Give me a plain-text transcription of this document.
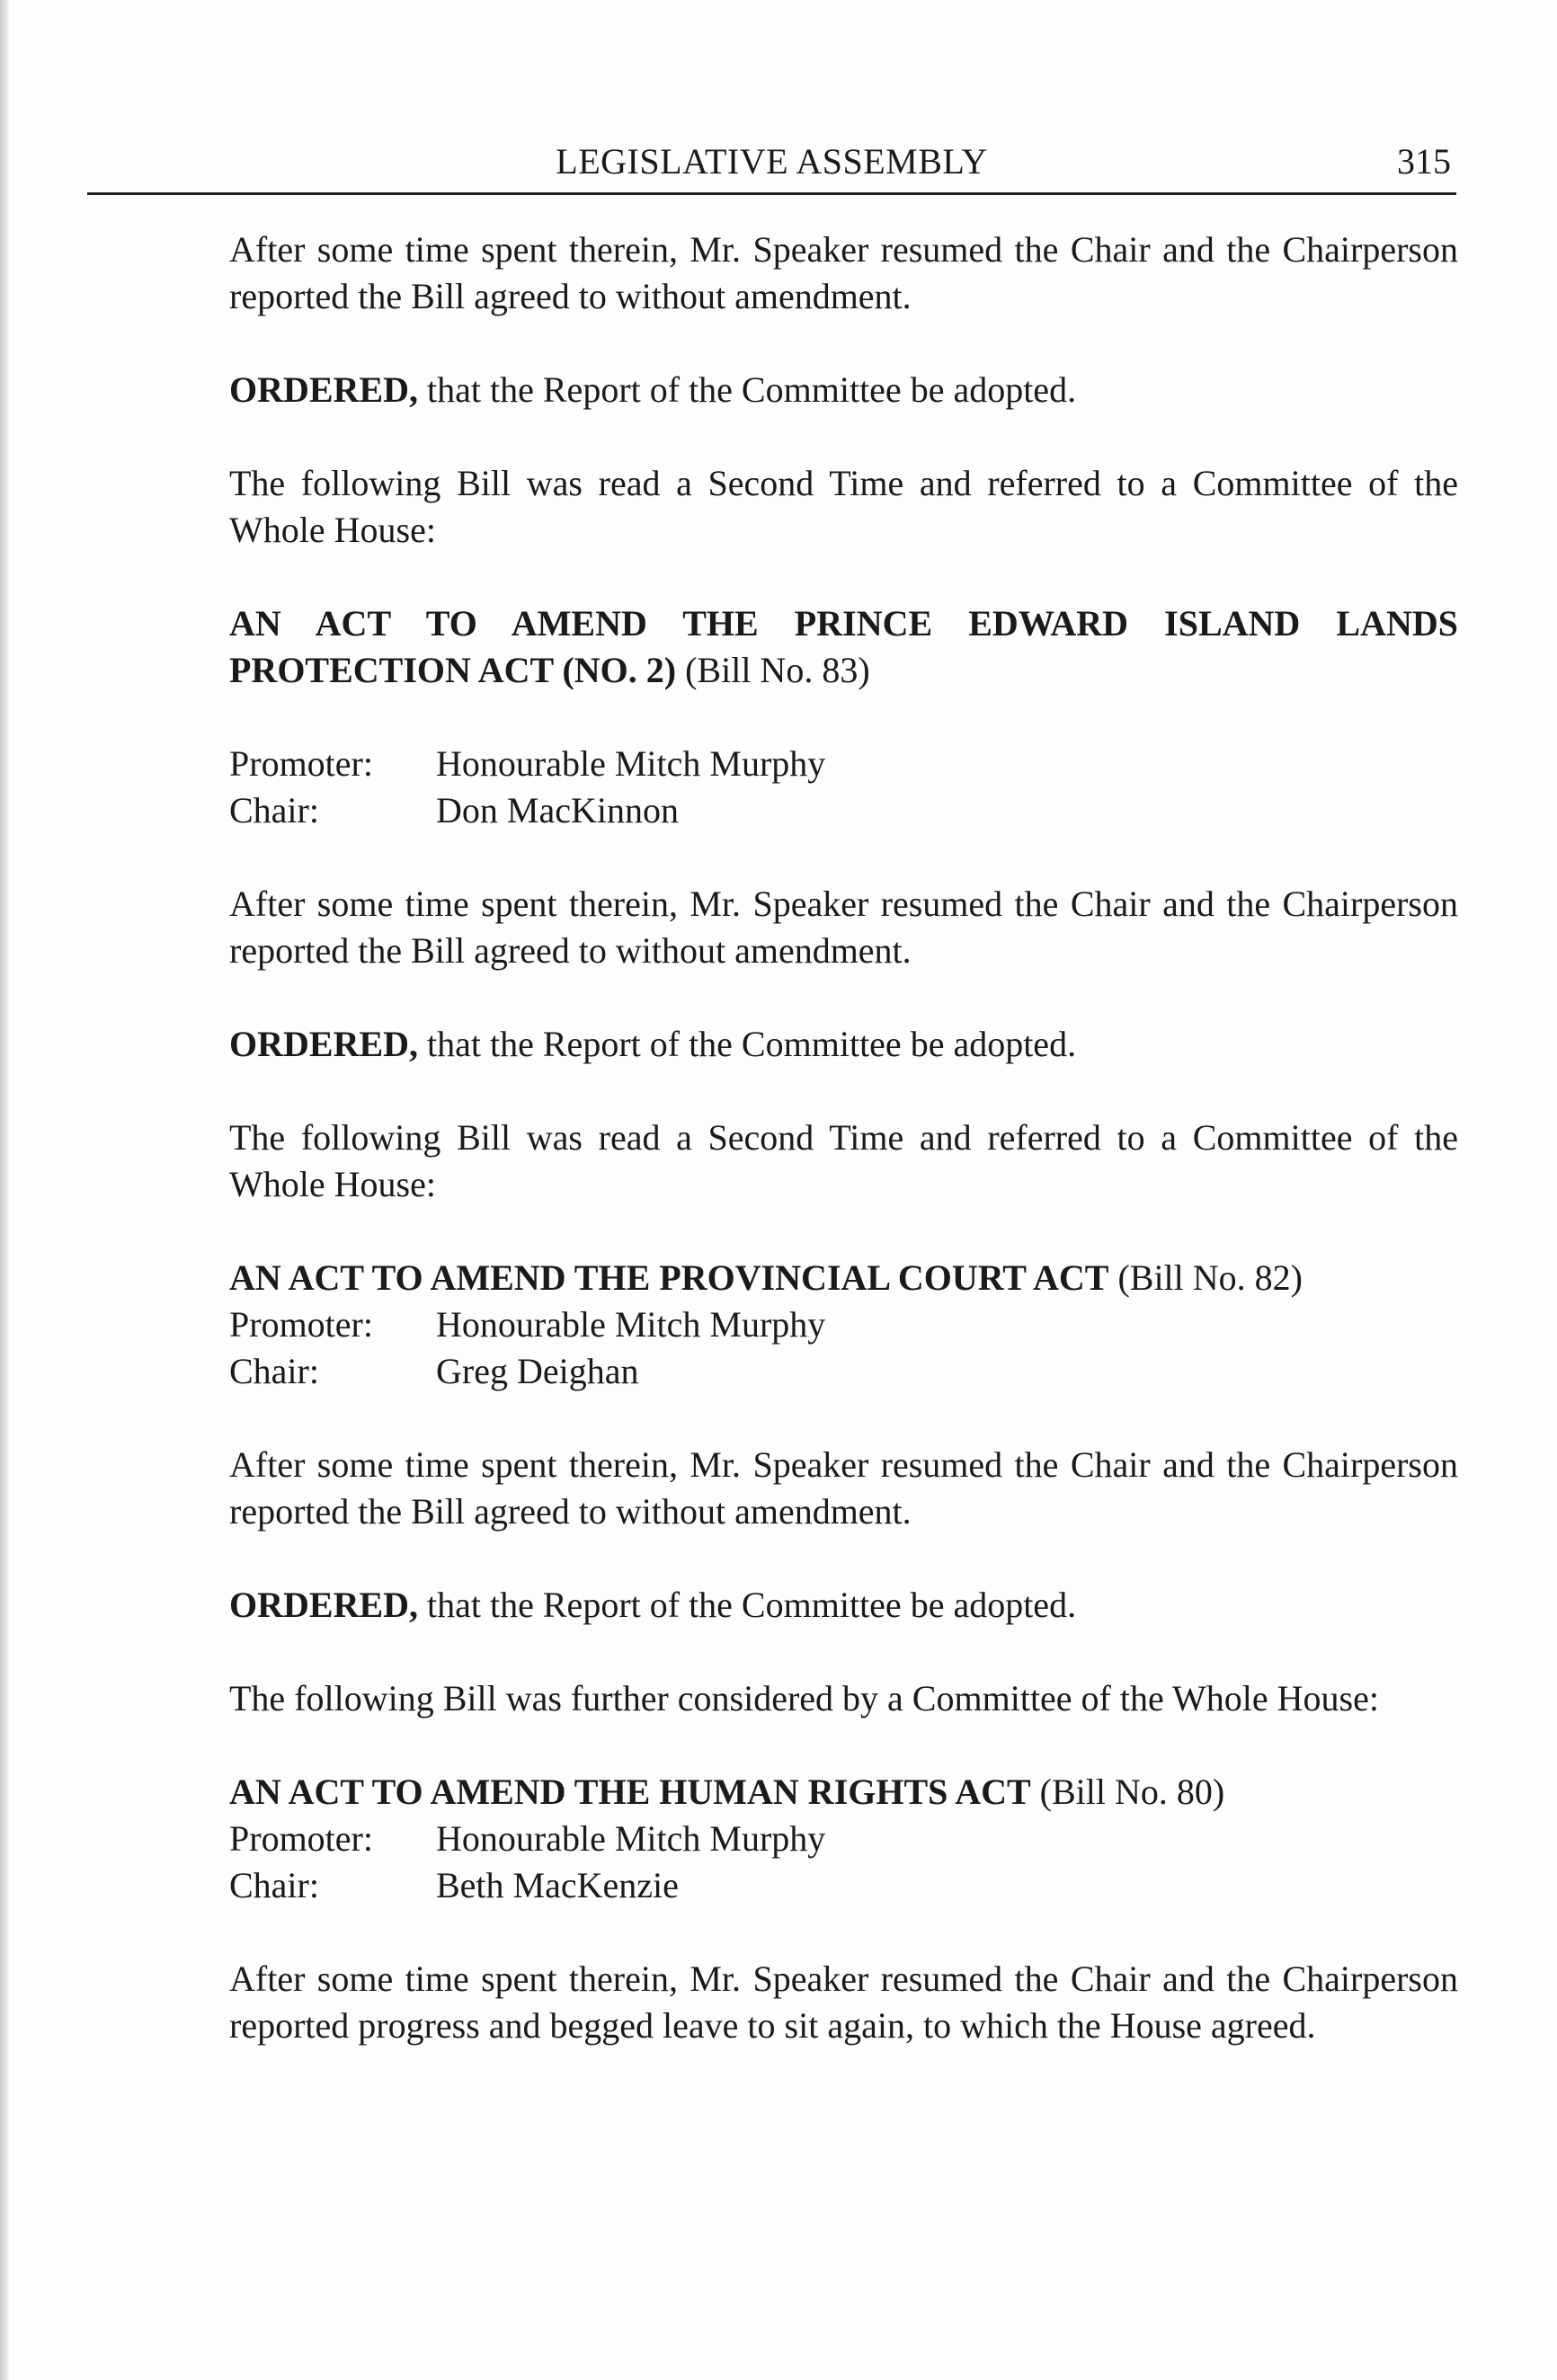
LEGISLATIVE ASSEMBLY	315

After some time spent therein, Mr. Speaker resumed the Chair and the Chairperson reported the Bill agreed to without amendment.

ORDERED, that the Report of the Committee be adopted.

The following Bill was read a Second Time and referred to a Committee of the Whole House:

AN ACT TO AMEND THE PRINCE EDWARD ISLAND LANDS PROTECTION ACT (NO. 2) (Bill No. 83)

Promoter:	Honourable Mitch Murphy
Chair:	Don MacKinnon

After some time spent therein, Mr. Speaker resumed the Chair and the Chairperson reported the Bill agreed to without amendment.

ORDERED, that the Report of the Committee be adopted.

The following Bill was read a Second Time and referred to a Committee of the Whole House:

AN ACT TO AMEND THE PROVINCIAL COURT ACT (Bill No. 82)

Promoter:	Honourable Mitch Murphy
Chair:	Greg Deighan

After some time spent therein, Mr. Speaker resumed the Chair and the Chairperson reported the Bill agreed to without amendment.

ORDERED, that the Report of the Committee be adopted.

The following Bill was further considered by a Committee of the Whole House:

AN ACT TO AMEND THE HUMAN RIGHTS ACT (Bill No. 80)

Promoter:	Honourable Mitch Murphy
Chair:	Beth MacKenzie

After some time spent therein, Mr. Speaker resumed the Chair and the Chairperson reported progress and begged leave to sit again, to which the House agreed.
